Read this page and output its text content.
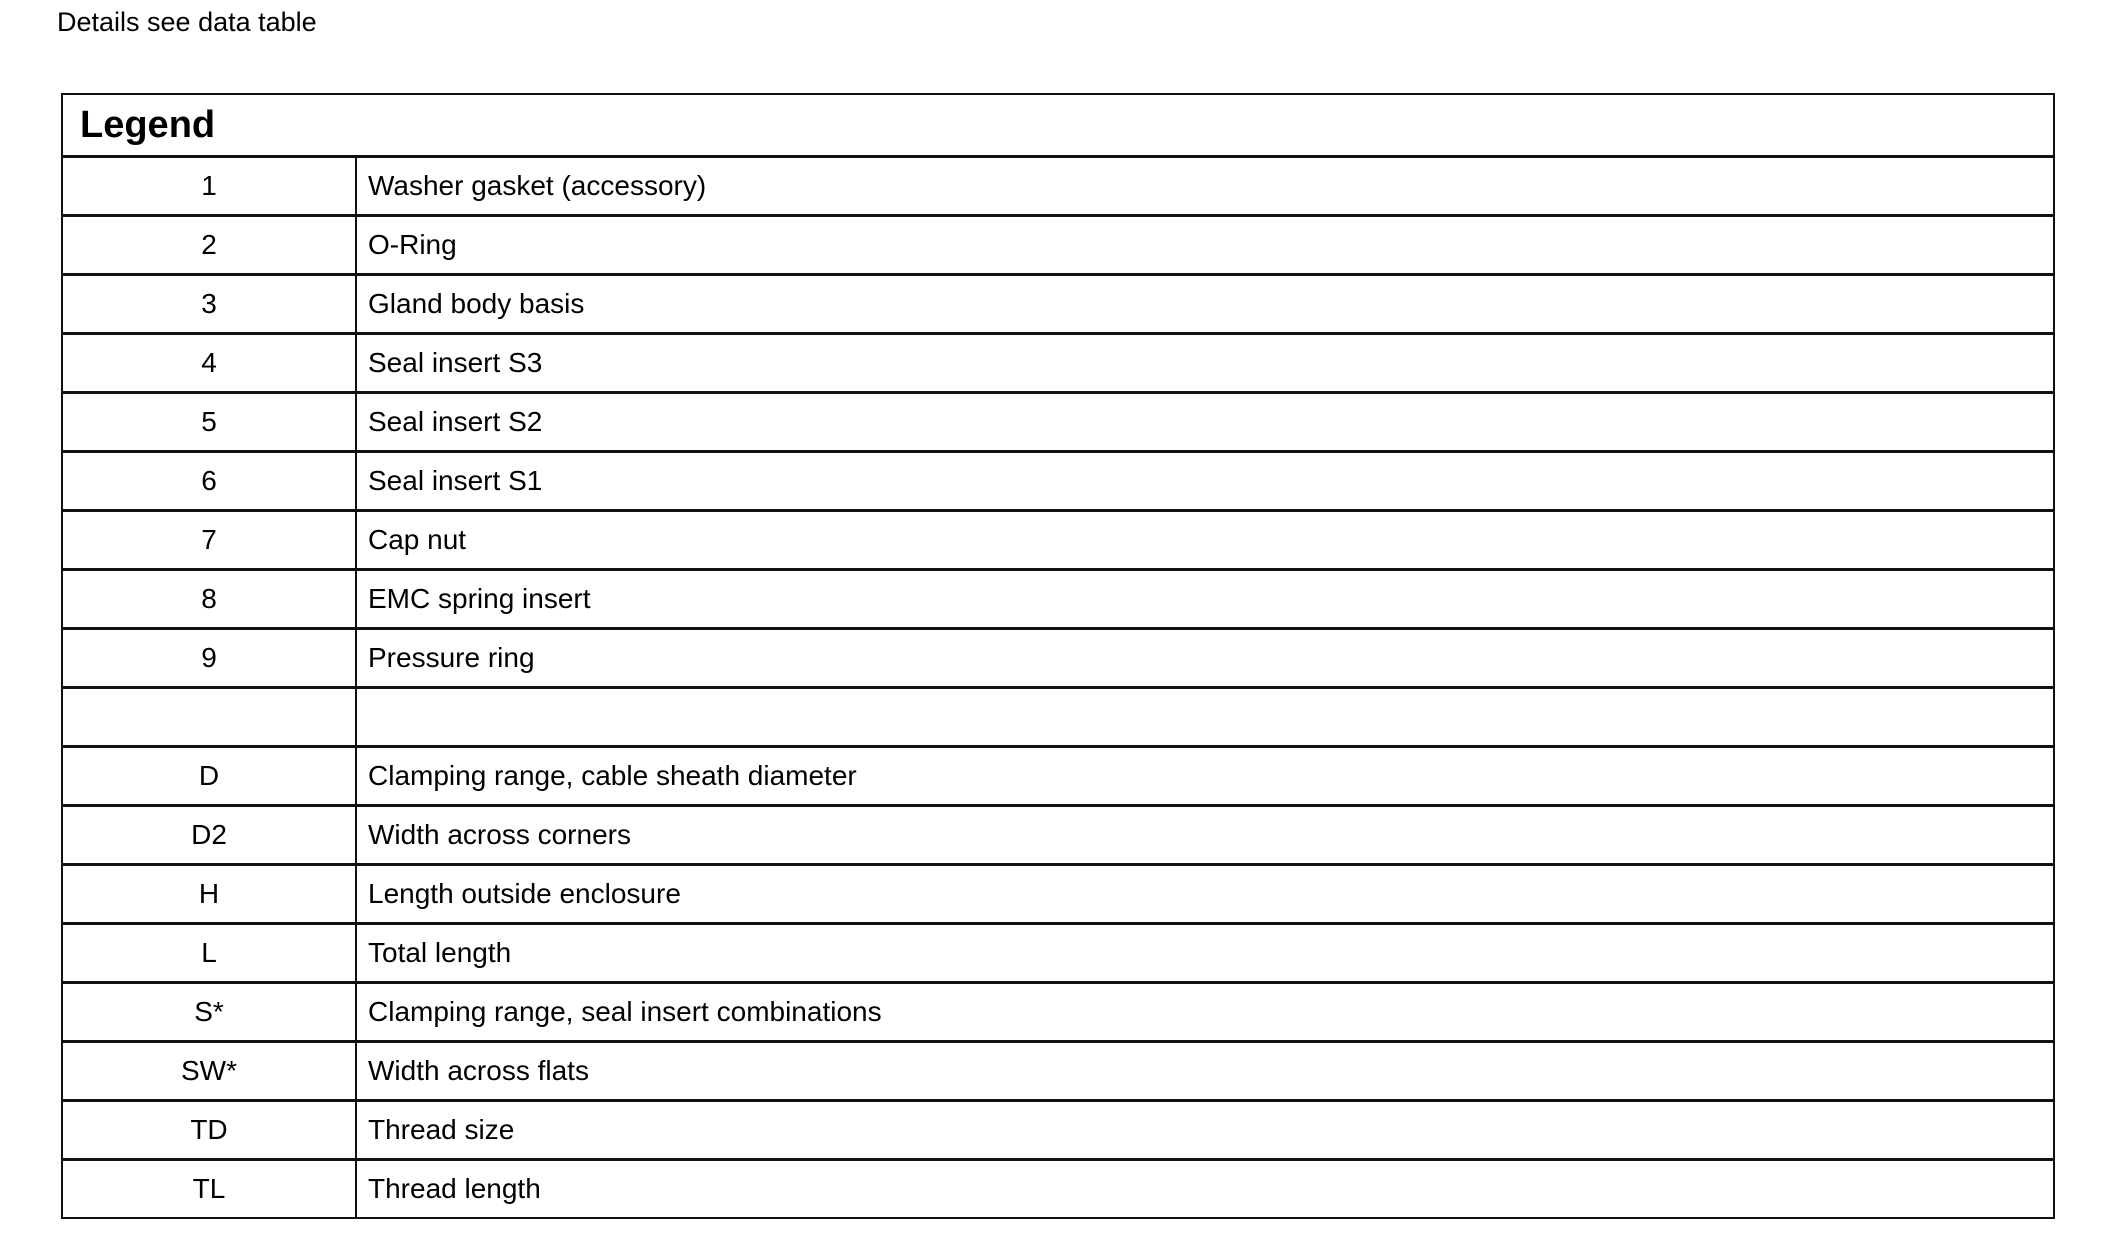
Details see data table
Legend	
1	Washer gasket (accessory)
2	O-Ring
3	Gland body basis
4	Seal insert S3
5	Seal insert S2
6	Seal insert S1
7	Cap nut
8	EMC spring insert
9	Pressure ring

D	Clamping range, cable sheath diameter
D2	Width across corners
H	Length outside enclosure
L	Total length
S*	Clamping range, seal insert combinations
SW*	Width across flats
TD	Thread size
TL	Thread length
